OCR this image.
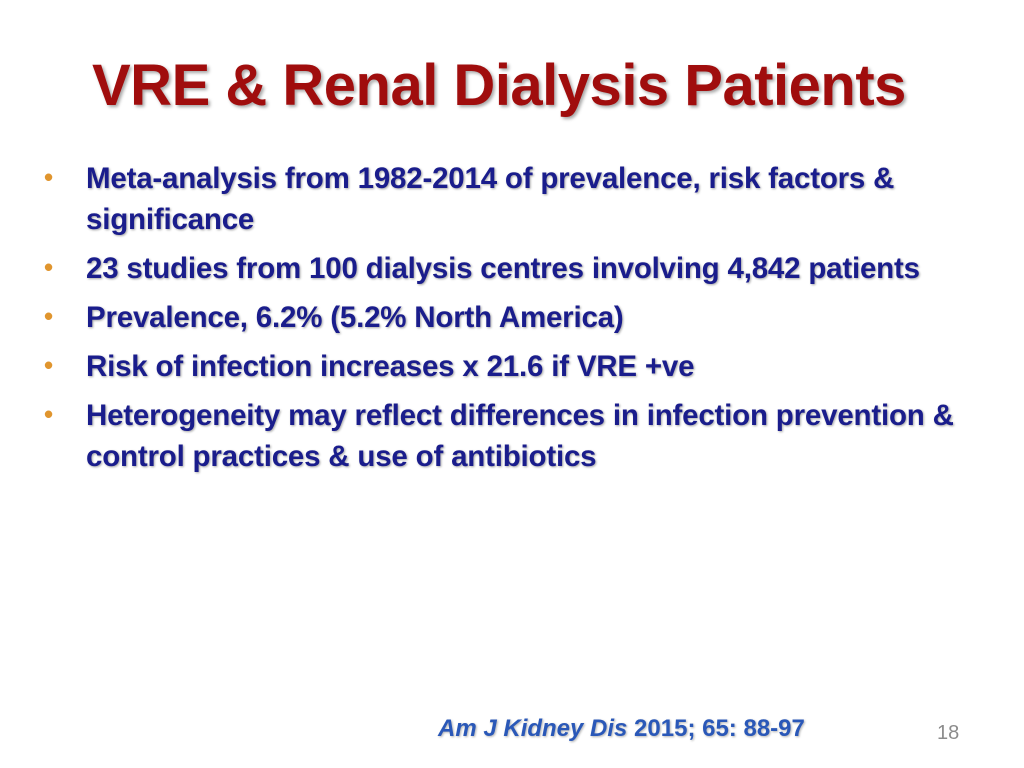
VRE & Renal Dialysis Patients
• Meta-analysis from 1982-2014 of prevalence, risk factors & significance
• 23 studies from 100 dialysis centres involving 4,842 patients
• Prevalence, 6.2% (5.2% North America)
• Risk of infection increases x 21.6 if VRE +ve
• Heterogeneity may reflect differences in infection prevention & control practices & use of antibiotics
Am J Kidney Dis 2015; 65: 88-97	18
